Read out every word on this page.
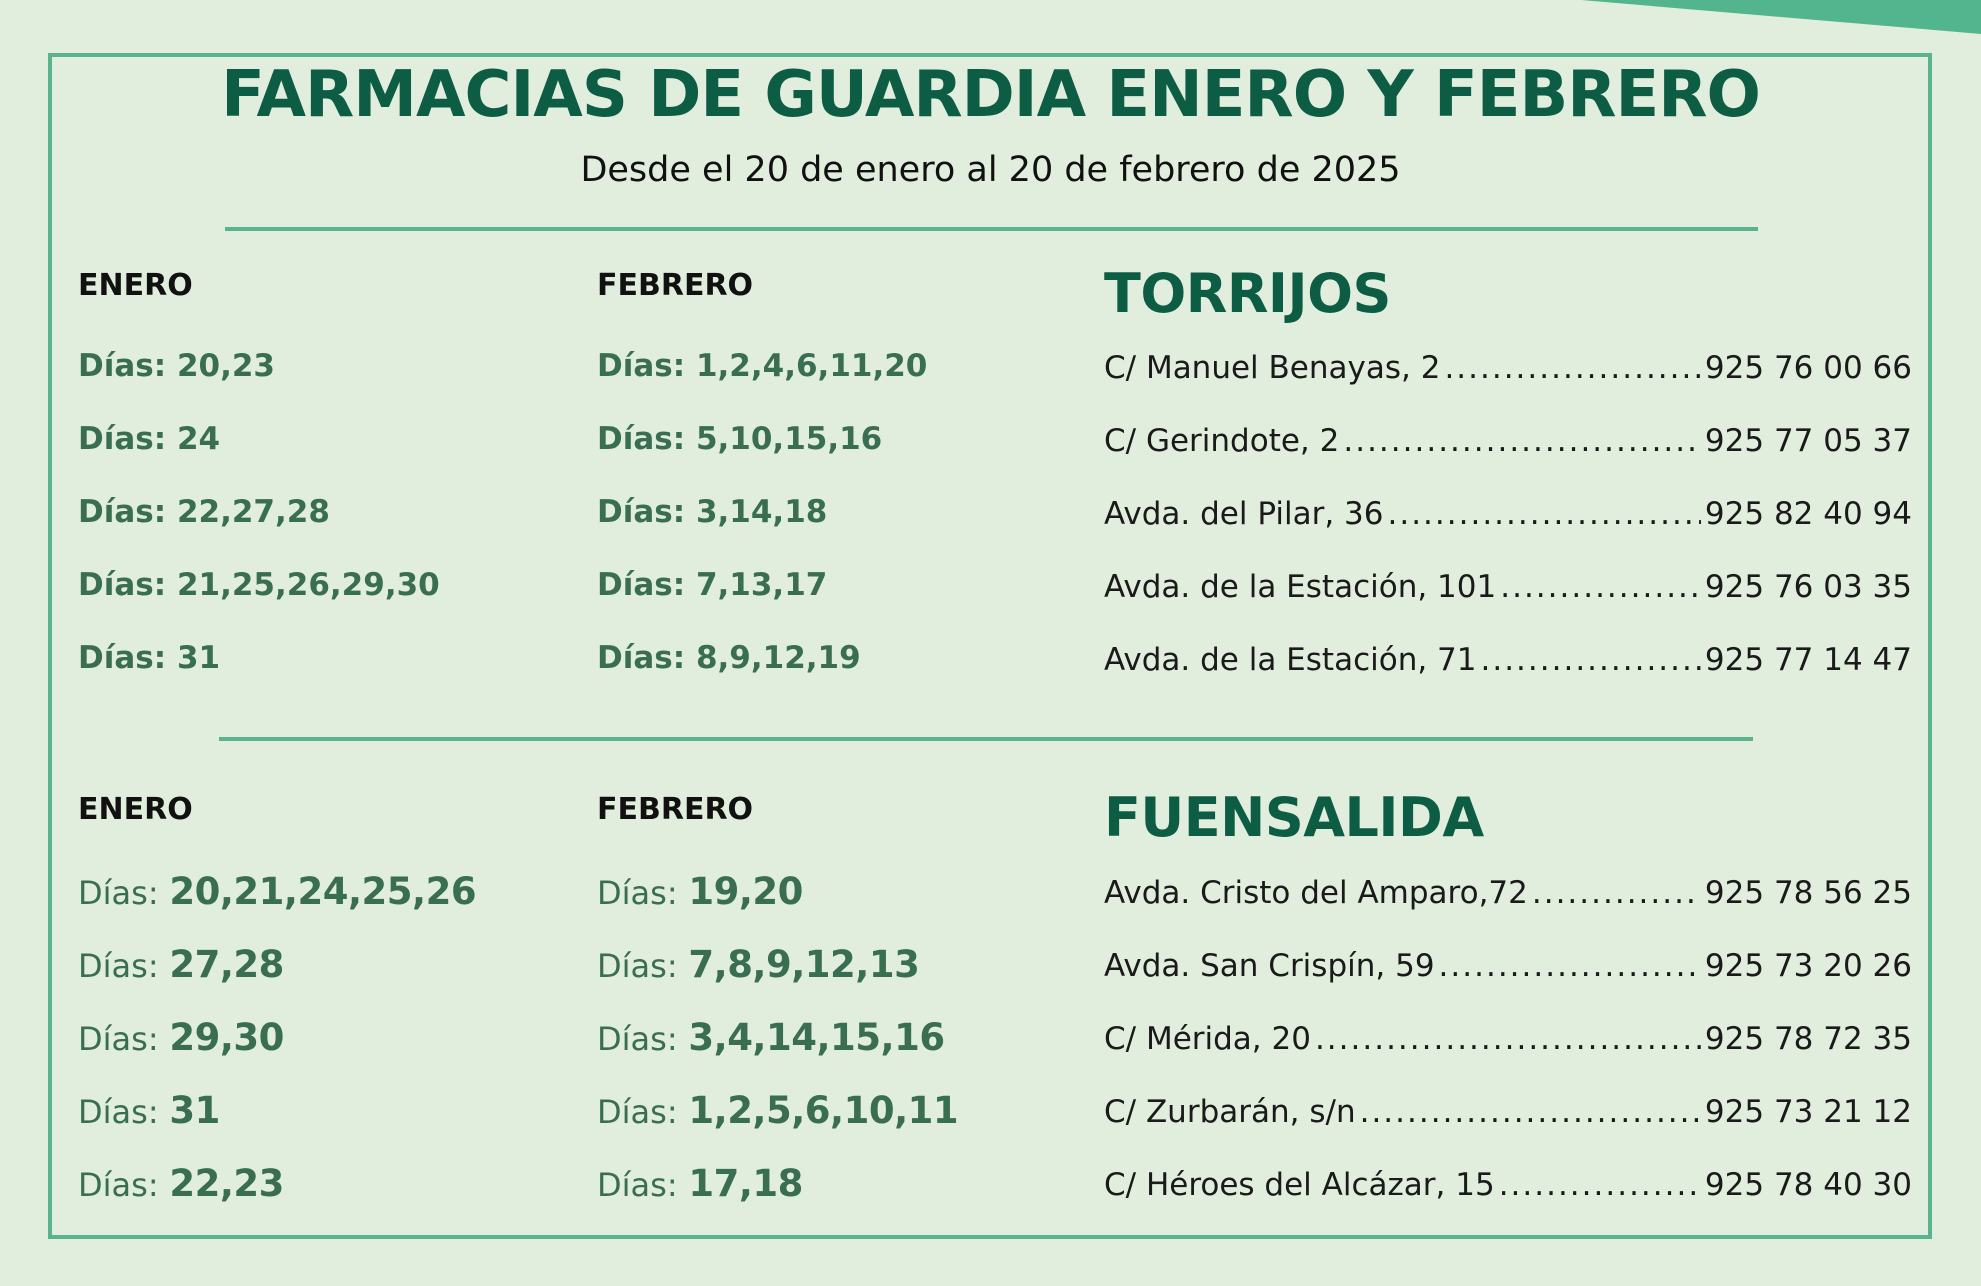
FARMACIAS DE GUARDIA ENERO Y FEBRERO
Desde el 20 de enero al 20 de febrero de 2025
ENERO	FEBRERO	TORRIJOS
Días: 20,23	Días: 1,2,4,6,11,20	C/ Manuel Benayas, 2 .....	925 76 00 66
Días: 24	Días: 5,10,15,16	C/ Gerindote, 2 .....	925 77 05 37
Días: 22,27,28	Días: 3,14,18	Avda. del Pilar, 36 .....	925 82 40 94
Días: 21,25,26,29,30	Días: 7,13,17	Avda. de la Estación, 101 .....	925 76 03 35
Días: 31	Días: 8,9,12,19	Avda. de la Estación, 71 .....	925 77 14 47
ENERO	FEBRERO	FUENSALIDA
Días: 20,21,24,25,26	Días: 19,20	Avda. Cristo del Amparo,72 .....	925 78 56 25
Días: 27,28	Días: 7,8,9,12,13	Avda. San Crispín, 59 .....	925 73 20 26
Días: 29,30	Días: 3,4,14,15,16	C/ Mérida, 20 .....	925 78 72 35
Días: 31	Días: 1,2,5,6,10,11	C/ Zurbarán, s/n .....	925 73 21 12
Días: 22,23	Días: 17,18	C/ Héroes del Alcázar, 15 .....	925 78 40 30
